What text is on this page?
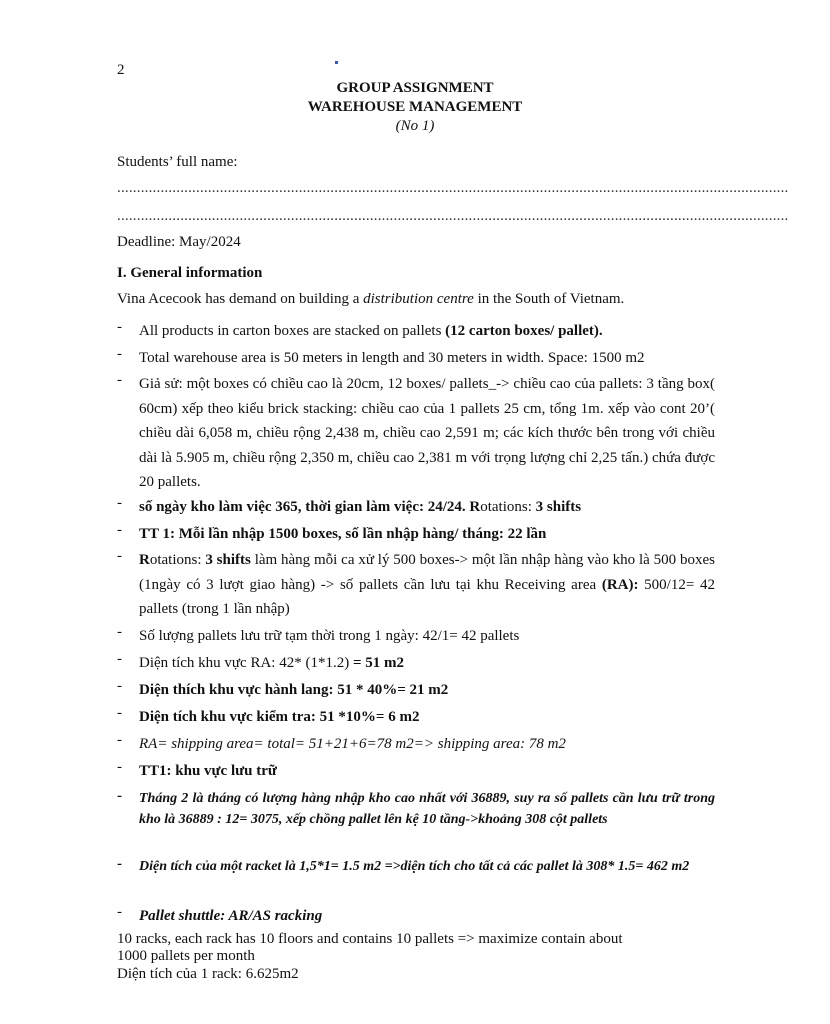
2
GROUP ASSIGNMENT
WAREHOUSE MANAGEMENT
(No 1)
Students’ full name:
..........................................................................................................................................................................
..........................................................................................................................................................................
Deadline: May/2024
I. General information
Vina Acecook has demand on building a distribution centre in the South of Vietnam.
- All products in carton boxes are stacked on pallets (12 carton boxes/ pallet).
- Total warehouse area is 50 meters in length and 30 meters in width. Space: 1500 m2
- Giả sử: một boxes có chiều cao là 20cm, 12 boxes/ pallets_-> chiều cao của pallets: 3 tầng box( 60cm) xếp theo kiểu brick stacking: chiều cao của 1 pallets 25 cm, tổng 1m. xếp vào cont 20’( chiều dài 6,058 m, chiều rộng 2,438 m, chiều cao 2,591 m; các kích thước bên trong với chiều dài là 5.905 m, chiều rộng 2,350 m, chiều cao 2,381 m với trọng lượng chỉ 2,25 tấn.) chứa được 20 pallets.
- số ngày kho làm việc 365, thời gian làm việc: 24/24. Rotations: 3 shifts
- TT 1: Mỗi lần nhập 1500 boxes, số lần nhập hàng/ tháng: 22 lần
- Rotations: 3 shifts làm hàng mỗi ca xử lý 500 boxes-> một lần nhập hàng vào kho là 500 boxes (1ngày có 3 lượt giao hàng) -> số pallets cần lưu tại khu Receiving area (RA): 500/12= 42 pallets (trong 1 lần nhập)
- Số lượng pallets lưu trữ tạm thời trong 1 ngày: 42/1= 42 pallets
- Diện tích khu vực RA: 42* (1*1.2) = 51 m2
- Diện thích khu vực hành lang: 51 * 40%= 21 m2
- Diện tích khu vực kiểm tra: 51 *10%= 6 m2
- RA= shipping area= total= 51+21+6=78 m2=> shipping area: 78 m2
- TT1: khu vực lưu trữ
- Tháng 2 là tháng có lượng hàng nhập kho cao nhất với 36889, suy ra số pallets cần lưu trữ trong kho là 36889 : 12= 3075, xếp chồng pallet lên kệ 10 tầng->khoảng 308 cột pallets
- Diện tích của một racket là 1,5*1= 1.5 m2 =>diện tích cho tất cả các pallet là 308* 1.5= 462 m2
- Pallet shuttle: AR/AS racking
10 racks, each rack has 10 floors and contains 10 pallets => maximize contain about
1000 pallets per month
Diện tích của 1 rack: 6.625m2
